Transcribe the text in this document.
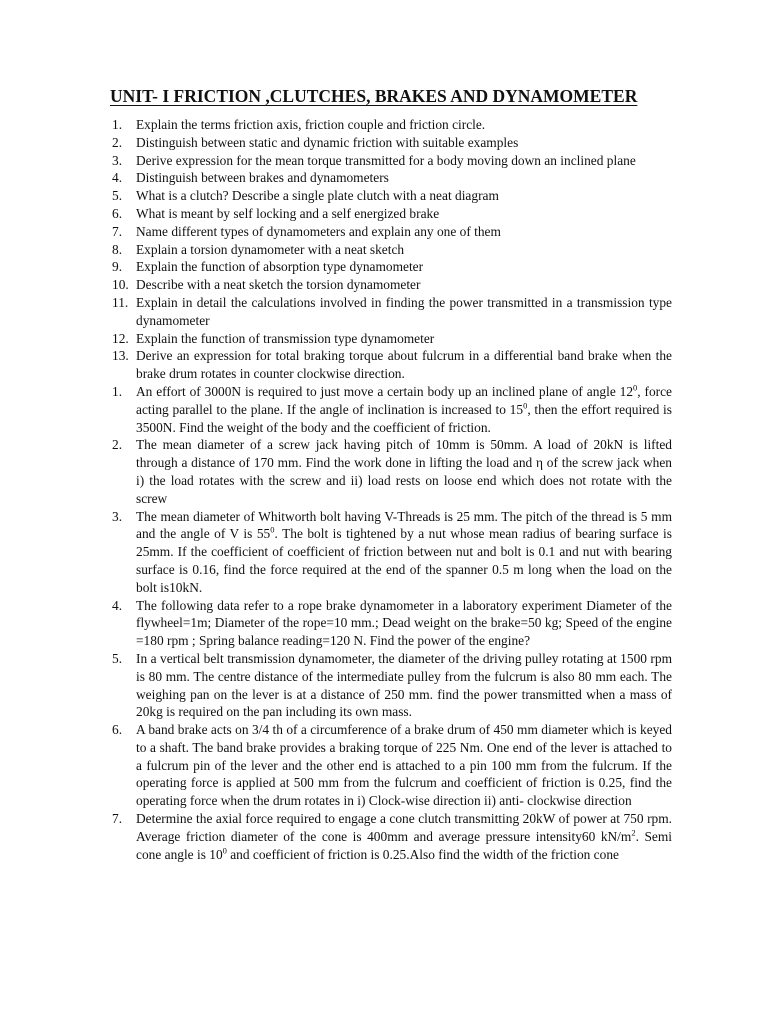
UNIT- I FRICTION ,CLUTCHES, BRAKES AND DYNAMOMETER
1. Explain the terms friction axis, friction couple and friction circle.
2. Distinguish between static and dynamic friction with suitable examples
3. Derive expression for the mean torque transmitted for a body moving down an inclined plane
4. Distinguish between brakes and dynamometers
5. What is a clutch? Describe a single plate clutch with a neat diagram
6. What is meant by self locking and a self energized brake
7. Name different types of dynamometers and explain any one of them
8. Explain a torsion dynamometer with a neat sketch
9. Explain the function of absorption type dynamometer
10. Describe with a neat sketch the torsion dynamometer
11. Explain in detail the calculations involved in finding the power transmitted in a transmission type dynamometer
12. Explain the function of transmission type dynamometer
13. Derive an expression for total braking torque about fulcrum in a differential band brake when the brake drum rotates in counter clockwise direction.
1. An effort of 3000N is required to just move a certain body up an inclined plane of angle $12^0$, force acting parallel to the plane. If the angle of inclination is increased to $15^0$, then the effort required is 3500N. Find the weight of the body and the coefficient of friction.
2. The mean diameter of a screw jack having pitch of 10mm is 50mm. A load of 20kN is lifted through a distance of 170 mm. Find the work done in lifting the load and η of the screw jack when i) the load rotates with the screw and ii) load rests on loose end which does not rotate with the screw
3. The mean diameter of Whitworth bolt having V-Threads is 25 mm. The pitch of the thread is 5 mm and the angle of V is $55^0$. The bolt is tightened by a nut whose mean radius of bearing surface is 25mm. If the coefficient of coefficient of friction between nut and bolt is 0.1 and nut with bearing surface is 0.16, find the force required at the end of the spanner 0.5 m long when the load on the bolt is10kN.
4. The following data refer to a rope brake dynamometer in a laboratory experiment Diameter of the flywheel=1m; Diameter of the rope=10 mm.; Dead weight on the brake=50 kg; Speed of the engine =180 rpm ; Spring balance reading=120 N. Find the power of the engine?
5. In a vertical belt transmission dynamometer, the diameter of the driving pulley rotating at 1500 rpm is 80 mm. The centre distance of the intermediate pulley from the fulcrum is also 80 mm each. The weighing pan on the lever is at a distance of 250 mm. find the power transmitted when a mass of 20kg is required on the pan including its own mass.
6. A band brake acts on 3/4 th of a circumference of a brake drum of 450 mm diameter which is keyed to a shaft. The band brake provides a braking torque of 225 Nm. One end of the lever is attached to a fulcrum pin of the lever and the other end is attached to a pin 100 mm from the fulcrum. If the operating force is applied at 500 mm from the fulcrum and coefficient of friction is 0.25, find the operating force when the drum rotates in i) Clock-wise direction ii) anti- clockwise direction
7. Determine the axial force required to engage a cone clutch transmitting 20kW of power at 750 rpm. Average friction diameter of the cone is 400mm and average pressure intensity60 $kN/m^2$. Semi cone angle is $10^0$ and coefficient of friction is 0.25.Also find the width of the friction cone
